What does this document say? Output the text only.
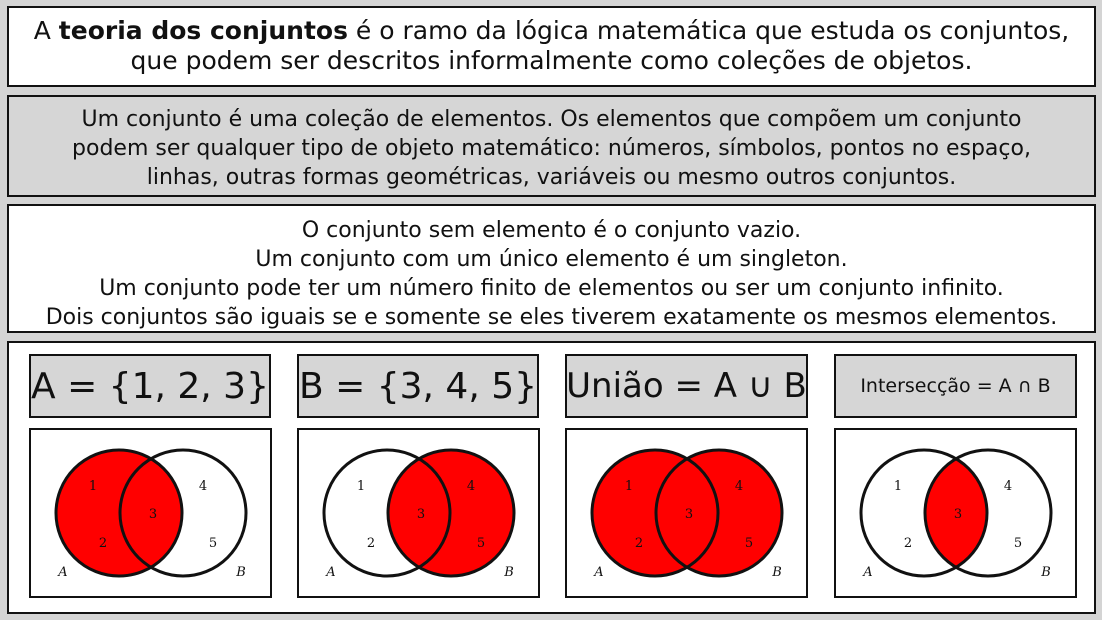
A teoria dos conjuntos é o ramo da lógica matemática que estuda os conjuntos,
que podem ser descritos informalmente como coleções de objetos.
Um conjunto é uma coleção de elementos. Os elementos que compõem um conjunto
podem ser qualquer tipo de objeto matemático: números, símbolos, pontos no espaço,
linhas, outras formas geométricas, variáveis ou mesmo outros conjuntos.
O conjunto sem elemento é o conjunto vazio.
Um conjunto com um único elemento é um singleton.
Um conjunto pode ter um número finito de elementos ou ser um conjunto infinito.
Dois conjuntos são iguais se e somente se eles tiverem exatamente os mesmos elementos.
A = {1, 2, 3} B = {3, 4, 5} União = A ∪ B	Intersecção = A ∩ B
1
2
3
4
5
A	B
1
2
3
4
5
A	B
1
2
3
4
5
A	B
1
2
3
4
5
A	B
